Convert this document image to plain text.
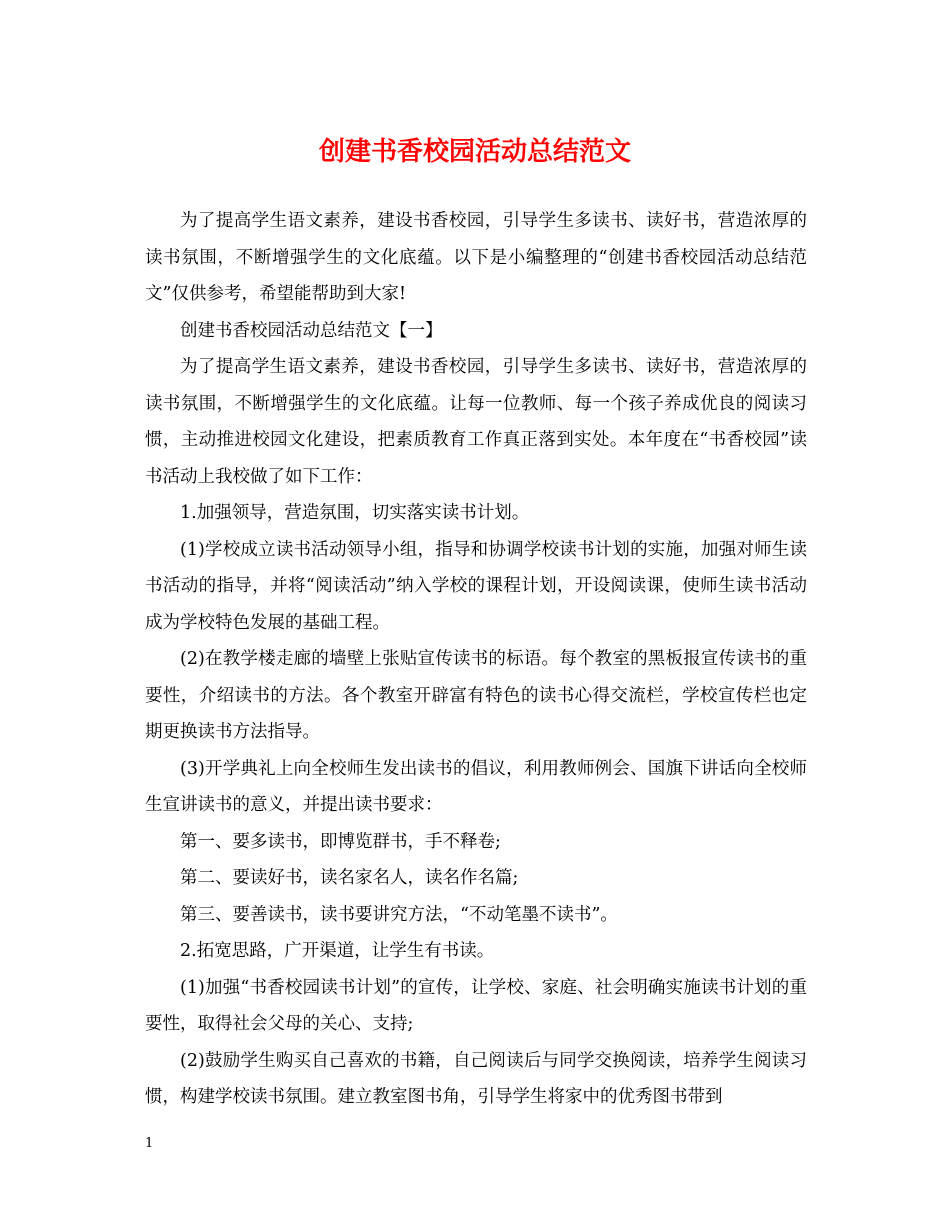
创建书香校园活动总结范文

为了提高学生语文素养，建设书香校园，引导学生多读书、读好书，营造浓厚的读书氛围，不断增强学生的文化底蕴。以下是小编整理的“创建书香校园活动总结范文”仅供参考，希望能帮助到大家!

创建书香校园活动总结范文【一】

为了提高学生语文素养，建设书香校园，引导学生多读书、读好书，营造浓厚的读书氛围，不断增强学生的文化底蕴。让每一位教师、每一个孩子养成优良的阅读习惯，主动推进校园文化建设，把素质教育工作真正落到实处。本年度在“书香校园”读书活动上我校做了如下工作：

1.加强领导，营造氛围，切实落实读书计划。

(1)学校成立读书活动领导小组，指导和协调学校读书计划的实施，加强对师生读书活动的指导，并将“阅读活动”纳入学校的课程计划，开设阅读课，使师生读书活动成为学校特色发展的基础工程。

(2)在教学楼走廊的墙壁上张贴宣传读书的标语。每个教室的黑板报宣传读书的重要性，介绍读书的方法。各个教室开辟富有特色的读书心得交流栏，学校宣传栏也定期更换读书方法指导。

(3)开学典礼上向全校师生发出读书的倡议，利用教师例会、国旗下讲话向全校师生宣讲读书的意义，并提出读书要求：

第一、要多读书，即博览群书，手不释卷;

第二、要读好书，读名家名人，读名作名篇;

第三、要善读书，读书要讲究方法，“不动笔墨不读书”。

2.拓宽思路，广开渠道，让学生有书读。

(1)加强“书香校园读书计划”的宣传，让学校、家庭、社会明确实施读书计划的重要性，取得社会父母的关心、支持;

(2)鼓励学生购买自己喜欢的书籍，自己阅读后与同学交换阅读，培养学生阅读习惯，构建学校读书氛围。建立教室图书角，引导学生将家中的优秀图书带到

1
